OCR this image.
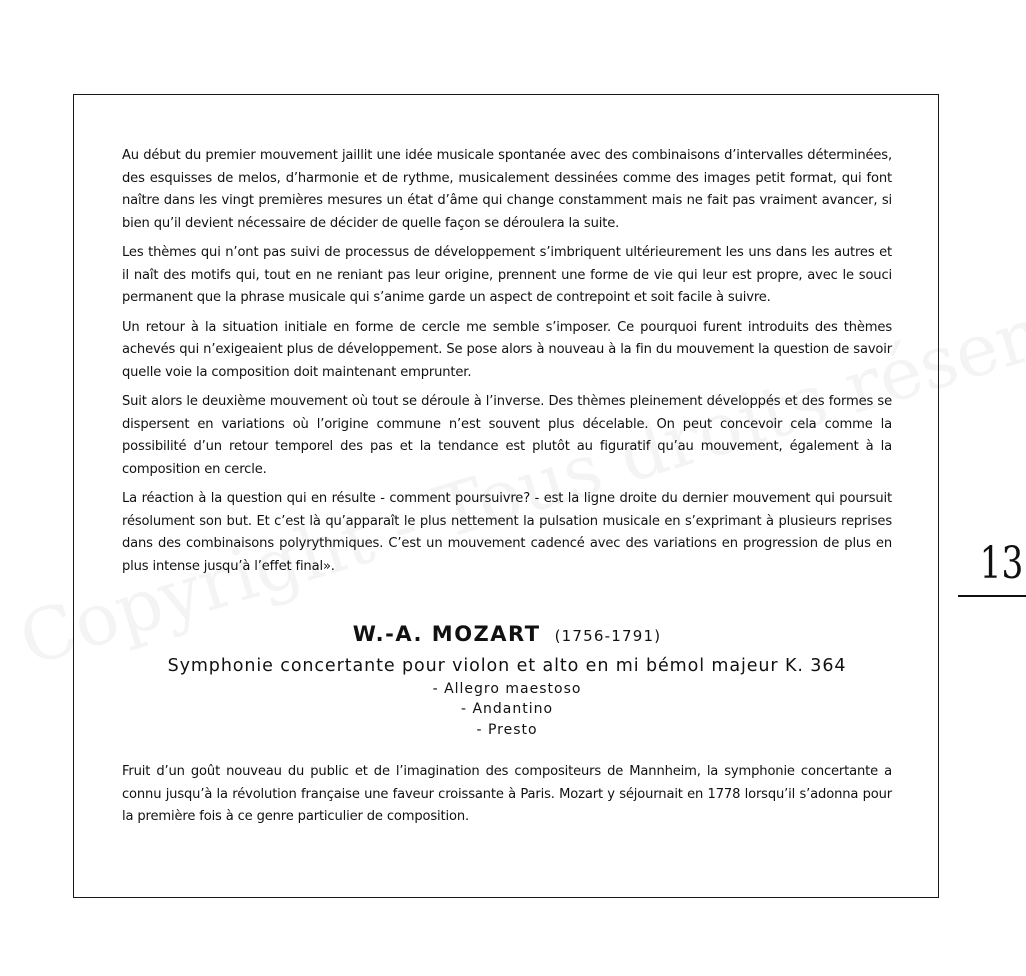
Au début du premier mouvement jaillit une idée musicale spontanée avec des combinaisons d’intervalles déterminées, des esquisses de melos, d’harmonie et de rythme, musicalement dessinées comme des images petit format, qui font naître dans les vingt premières mesures un état d’âme qui change constamment mais ne fait pas vraiment avancer, si bien qu’il devient nécessaire de décider de quelle façon se déroulera la suite.

Les thèmes qui n’ont pas suivi de processus de développement s’imbriquent ultérieurement les uns dans les autres et il naît des motifs qui, tout en ne reniant pas leur origine, prennent une forme de vie qui leur est propre, avec le souci permanent que la phrase musicale qui s’anime garde un aspect de contrepoint et soit facile à suivre.

Un retour à la situation initiale en forme de cercle me semble s’imposer. Ce pourquoi furent introduits des thèmes achevés qui n’exigeaient plus de développement. Se pose alors à nouveau à la fin du mouvement la question de savoir quelle voie la composition doit maintenant emprunter.

Suit alors le deuxième mouvement où tout se déroule à l’inverse. Des thèmes pleinement développés et des formes se dispersent en variations où l’origine commune n’est souvent plus décelable. On peut concevoir cela comme la possibilité d’un retour temporel des pas et la tendance est plutôt au figuratif qu’au mouvement, également à la composition en cercle.

La réaction à la question qui en résulte - comment poursuivre? - est la ligne droite du dernier mouvement qui poursuit résolument son but. Et c’est là qu’apparaît le plus nettement la pulsation musicale en s’exprimant à plusieurs reprises dans des combinaisons polyrythmiques. C’est un mouvement cadencé avec des variations en progression de plus en plus intense jusqu’à l’effet final».

W.-A. MOZART (1756-1791)
Symphonie concertante pour violon et alto en mi bémol majeur K. 364
- Allegro maestoso
- Andantino
- Presto

Fruit d’un goût nouveau du public et de l’imagination des compositeurs de Mannheim, la symphonie concertante a connu jusqu’à la révolution française une faveur croissante à Paris. Mozart y séjournait en 1778 lorsqu’il s’adonna pour la première fois à ce genre particulier de composition.

13
